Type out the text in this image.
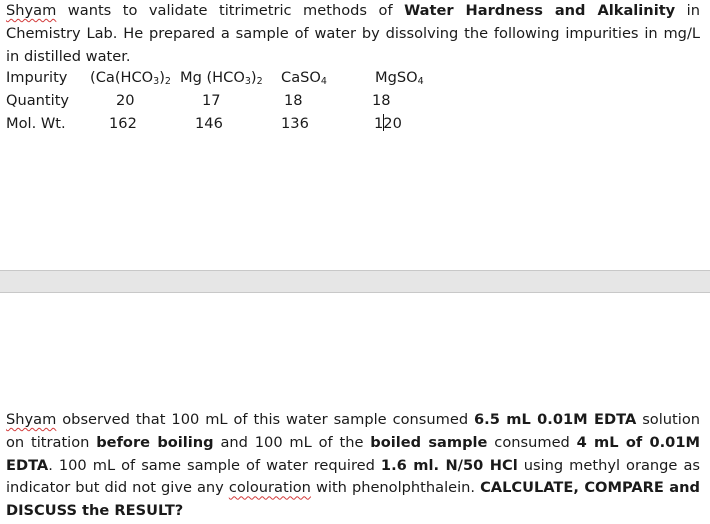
Shyam wants to validate titrimetric methods of Water Hardness and Alkalinity in Chemistry Lab. He prepared a sample of water by dissolving the following impurities in mg/L in distilled water.
Impurity
Quantity
Mol. Wt.
($Ca(HCO_3)_2$
20
162
Mg $(HCO_3)_2$
17
146
CaSO$_4$
18
136
MgSO$_4$
18
120
Shyam observed that 100 mL of this water sample consumed 6.5 mL 0.01M EDTA solution on titration before boiling and 100 mL of the boiled sample consumed 4 mL of 0.01M EDTA. 100 mL of same sample of water required 1.6 ml. N/50 HCl using methyl orange as indicator but did not give any colouration with phenolphthalein. CALCULATE, COMPARE and DISCUSS the RESULT?
